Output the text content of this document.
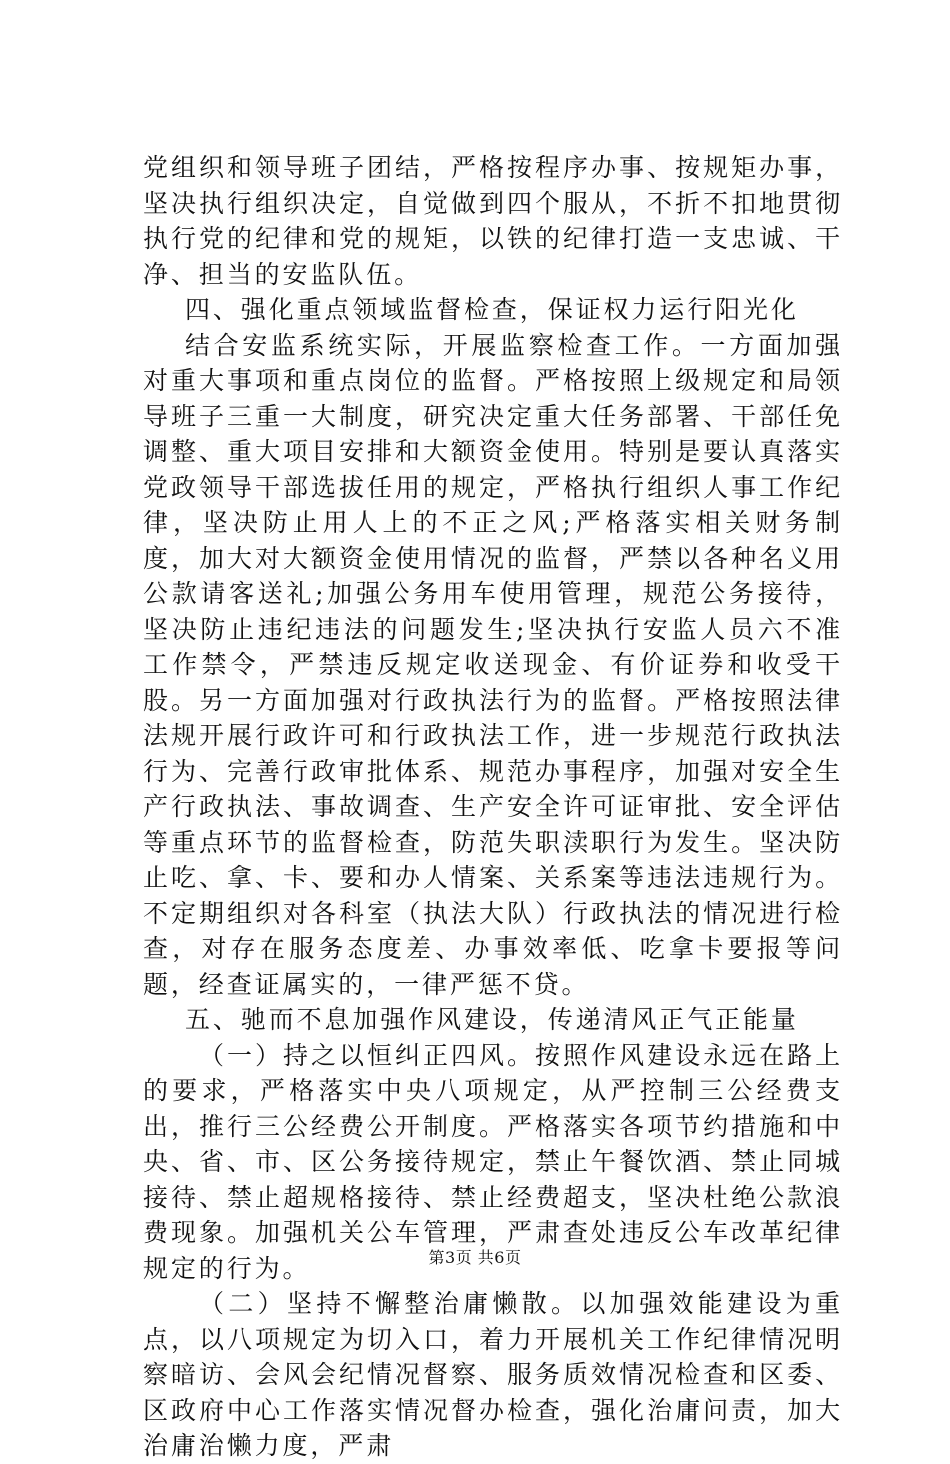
党组织和领导班子团结，严格按程序办事、按规矩办事，坚决执行组织决定，自觉做到四个服从，不折不扣地贯彻执行党的纪律和党的规矩，以铁的纪律打造一支忠诚、干净、担当的安监队伍。

四、强化重点领域监督检查，保证权力运行阳光化

结合安监系统实际，开展监察检查工作。一方面加强对重大事项和重点岗位的监督。严格按照上级规定和局领导班子三重一大制度，研究决定重大任务部署、干部任免调整、重大项目安排和大额资金使用。特别是要认真落实党政领导干部选拔任用的规定，严格执行组织人事工作纪律，坚决防止用人上的不正之风;严格落实相关财务制度，加大对大额资金使用情况的监督，严禁以各种名义用公款请客送礼;加强公务用车使用管理，规范公务接待，坚决防止违纪违法的问题发生;坚决执行安监人员六不准工作禁令，严禁违反规定收送现金、有价证券和收受干股。另一方面加强对行政执法行为的监督。严格按照法律法规开展行政许可和行政执法工作，进一步规范行政执法行为、完善行政审批体系、规范办事程序，加强对安全生产行政执法、事故调查、生产安全许可证审批、安全评估等重点环节的监督检查，防范失职渎职行为发生。坚决防止吃、拿、卡、要和办人情案、关系案等违法违规行为。不定期组织对各科室（执法大队）行政执法的情况进行检查，对存在服务态度差、办事效率低、吃拿卡要报等问题，经查证属实的，一律严惩不贷。

五、驰而不息加强作风建设，传递清风正气正能量

（一）持之以恒纠正四风。按照作风建设永远在路上的要求，严格落实中央八项规定，从严控制三公经费支出，推行三公经费公开制度。严格落实各项节约措施和中央、省、市、区公务接待规定，禁止午餐饮酒、禁止同城接待、禁止超规格接待、禁止经费超支，坚决杜绝公款浪费现象。加强机关公车管理，严肃查处违反公车改革纪律规定的行为。

（二）坚持不懈整治庸懒散。以加强效能建设为重点，以八项规定为切入口，着力开展机关工作纪律情况明察暗访、会风会纪情况督察、服务质效情况检查和区委、区政府中心工作落实情况督办检查，强化治庸问责，加大治庸治懒力度，严肃

第3页 共6页
